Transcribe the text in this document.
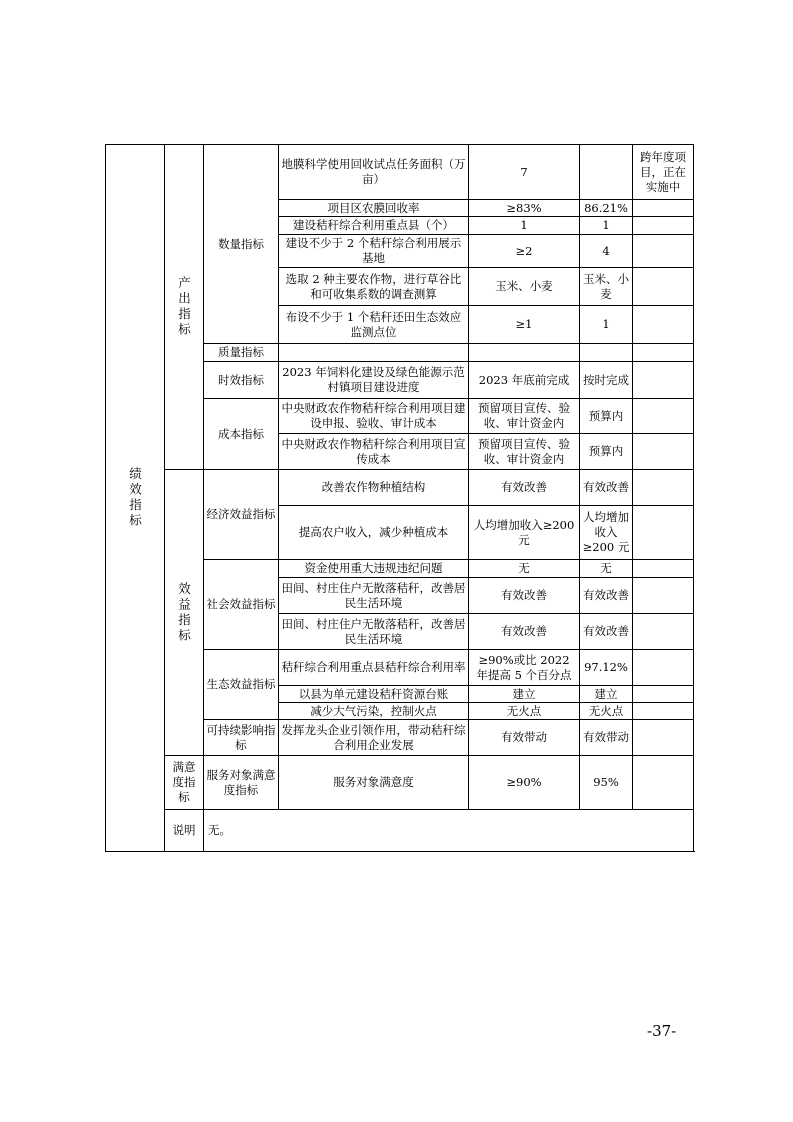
绩效指标	产出指标	数量指标	地膜科学使用回收试点任务面积（万亩）	7		跨年度项目，正在实施中
			项目区农膜回收率	≥83%	86.21%	
			建设秸秆综合利用重点县（个）	1	1	
			建设不少于 2 个秸秆综合利用展示基地	≥2	4	
			选取 2 种主要农作物，进行草谷比和可收集系数的调查测算	玉米、小麦	玉米、小麦	
			布设不少于 1 个秸秆还田生态效应监测点位	≥1	1	
		质量指标				
		时效指标	2023 年饲料化建设及绿色能源示范村镇项目建设进度	2023 年底前完成	按时完成	
		成本指标	中央财政农作物秸秆综合利用项目建设申报、验收、审计成本	预留项目宣传、验收、审计资金内	预算内	
			中央财政农作物秸秆综合利用项目宣传成本	预留项目宣传、验收、审计资金内	预算内	

	效益指标	经济效益指标	改善农作物种植结构	有效改善	有效改善	
			提高农户收入，减少种植成本	人均增加收入≥200 元	人均增加收入≥200 元	
		社会效益指标	资金使用重大违规违纪问题	无	无	
			田间、村庄住户无散落秸秆，改善居民生活环境	有效改善	有效改善	
			田间、村庄住户无散落秸秆，改善居民生活环境	有效改善	有效改善	
		生态效益指标	秸秆综合利用重点县秸秆综合利用率	≥90%或比 2022 年提高 5 个百分点	97.12%	
			以县为单元建设秸秆资源台账	建立	建立	
			减少大气污染，控制火点	无火点	无火点	
		可持续影响指标	发挥龙头企业引领作用，带动秸秆综合利用企业发展	有效带动	有效带动	
	满意度指标	服务对象满意度指标	服务对象满意度	≥90%	95%	
	说明	无。				
-37-
